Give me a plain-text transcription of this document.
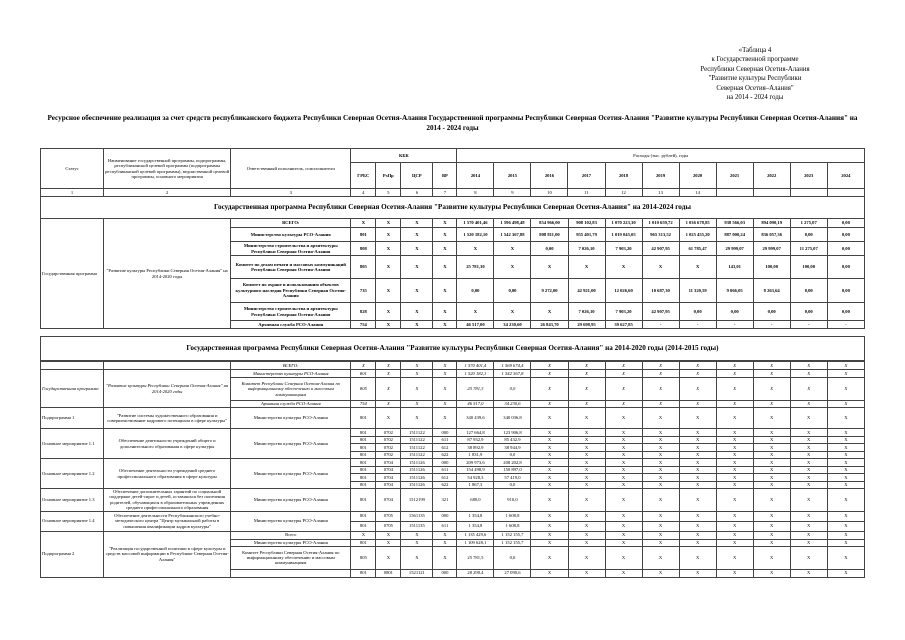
«Таблица 4
к Государственной программе
Республики Северная Осетия-Алания
"Развитие культуры Республики
Северная Осетия–Алания"
на 2014 - 2024 годы
Ресурсное обеспечение реализация за счет средств республиканского бюджета Республики Северная Осетия-Алания Государственной программы Республики Северная Осетия-Алания "Развитие культуры Республики Северная Осетия-Алания" на 2014 - 2024 годы
Статус	Наименование государственной программы, подпрограммы, республиканской целевой программы (подпрограммы республиканской целевой программы), ведомственной целевой программы, основного мероприятия	Ответственный исполнитель, соисполнители	КБК				Расходы (тыс. рублей), годы										
			ГРБС	РзПр	ЦСР	ВР	2014	2015	2016	2017	2018	2019	2020	2021	2022	2023	2024
1	2	3	4	5	6	7	8	9	10	11	12	13	14				
Государственная программа Республики Северная Осетия-Алания "Развитие культуры Республики Северная Осетия-Алания" на 2014-2024 годы																	
Государственная программа	"Развитие культуры Республики Северная Осетия-Алания" на 2014-2020 годы	ВСЕГО:	Х	Х	Х	Х	1 570 401,46	1 596 498,48	854 966,00	908 102,83	1 070 223,30	1 010 659,72	1 036 678,85	938 566,03	894 090,19	1 275,07	0,00
		Министерство культуры РСО-Алания	801	Х	Х	Х	1 520 182,10	1 542 367,88	808 811,00	955 401,79	1 019 045,05	965 313,52	1 025 455,20	887 000,24	836 057,36	0,00	0,00
		Министерство строительства и архитектуры Республики Северная Осетия-Алания	808	Х	Х	Х	Х	Х	0,00	7 026,10	7 903,20	42 907,95	61 785,47	29 999,07	29 999,07	11 275,07	0,00
		Комитет по делам печати и массовых коммуникаций Республики Северная Осетия-Алания	805	Х	Х	Х	25 781,30	Х	Х	Х	Х	Х	Х	143,01	100,00	100,00	0,00
		Комитет по охране и использованию объектов культурного наследия Республики Северная Осетия-Алания	735	Х	Х	Х	0,00	0,00	9 272,00	42 921,00	12 026,60	10 687,30	11 320,59	9 066,05	8 263,64	0,00	0,00
		Министерство строительства и архитектуры Республики Северная Осетия-Алания	828	Х	Х	Х	Х	Х	Х	7 026,10	7 903,20	42 907,95	0,00	0,00	0,00	0,00	0,00
		Архивная служба РСО-Алания	754	Х	Х	Х	46 517,00	34 230,60	26 843,70	29 698,95	39 627,85	-	-	-	-	-	-
Государственная программа Республики Северная Осетия-Алания "Развитие культуры Республики Северная Осетия-Алания" на 2014-2020 годы (2014-2015 годы)
		ВСЕГО:	Х	Х	Х	Х	1 570 401,4	1 569 674,4	Х	Х	Х	Х	Х	Х	Х	Х	Х
Государственная программа	"Развитие культуры Республики Северная Осетия-Алания" на 2014-2020 годы	Министерство культуры РСО-Алания	801	Х	Х	Х	1 520 182,1	1 542 367,8	Х	Х	Х	Х	Х	Х	Х	Х	Х
		Комитет Республики Северная Осетия-Алания по информационному обеспечению и массовым коммуникациям	805	Х	Х	Х	25 781,3	0,0	Х	Х	Х	Х	Х	Х	Х	Х	Х
		Архивная служба РСО-Алания	754	Х	Х	Х	46 517,0	34 230,6	Х	Х	Х	Х	Х	Х	Х	Х	Х
Подпрограмма 1	"Развитие системы художественного образования и совершенствование кадрового потенциала в сфере культуры"	Министерство культуры РСО-Алания	801	Х	Х	Х	340 439,6	340 036,8	Х	Х	Х	Х	Х	Х	Х	Х	Х
Основное мероприятие 1.1	Обеспечение деятельности учреждений общего и дополнительного образования в сфере культуры	Министерство культуры РСО-Алания	801	0702	1511122	000	127 664,8	123 906,8	Х	Х	Х	Х	Х	Х	Х	Х	Х
			801	0702	1511122	611	87 932,9	85 432,9	Х	Х	Х	Х	Х	Х	Х	Х	Х
			801	0702	1511122	612	38 892,9	38 944,9	Х	Х	Х	Х	Х	Х	Х	Х	Х
			801	0702	1511122	622	1 831,9	0,0	Х	Х	Х	Х	Х	Х	Х	Х	Х
Основное мероприятие 1.2	Обеспечение деятельности учреждений среднего профессионального образования в сфере культуры	Министерство культуры РСО-Алания	801	0704	1511126	000	209 973,6	208 202,8	Х	Х	Х	Х	Х	Х	Х	Х	Х
			801	0704	1511126	611	154 498,9	150 897,0	Х	Х	Х	Х	Х	Х	Х	Х	Х
			801	0704	1511126	612	54 928,3	57 419,0	Х	Х	Х	Х	Х	Х	Х	Х	Х
			801	0704	1511126	622	1 867,3	0,0	Х	Х	Х	Х	Х	Х	Х	Х	Х
Основное мероприятие 1.3	Обеспечение дополнительных гарантий по социальной поддержке детей-сирот и детей, оставшихся без попечения родителей, обучающихся в образовательных учреждениях среднего профессионального образования	Министерство культуры РСО-Алания	801	0704	1512199	321	680,0	910,0	Х	Х	Х	Х	Х	Х	Х	Х	Х
Основное мероприятие 1.4	Обеспечение деятельности Республиканского учебно-методического центра "Центр музыкальной работы в повышения квалификации кадров культуры"	Министерство культуры РСО-Алания	801	0705	1561135	000	1 354,8	1 608,8	Х	Х	Х	Х	Х	Х	Х	Х	Х
			801	0705	1511135	611	1 354,8	1 608,8	Х	Х	Х	Х	Х	Х	Х	Х	Х
Подпрограмма 2	"Реализация государственной политики в сфере культуры и средств массовой информации в Республике Северная Осетия-Алания"	Всего	Х	Х	Х	Х	1 135 429,6	1 152 155,7	Х	Х	Х	Х	Х	Х	Х	Х	Х
		Министерство культуры РСО-Алания	801	Х	Х	Х	1 109 628,1	1 152 155,7	Х	Х	Х	Х	Х	Х	Х	Х	Х
		Комитет Республики Северная Осетия-Алания по информационному обеспечению и массовым коммуникациям	805	Х	Х	Х	25 781,5	0,0	Х	Х	Х	Х	Х	Х	Х	Х	Х
			801	0801	1521121	000	28 290,4	27 090,6	Х	Х	Х	Х	Х	Х	Х	Х	Х
